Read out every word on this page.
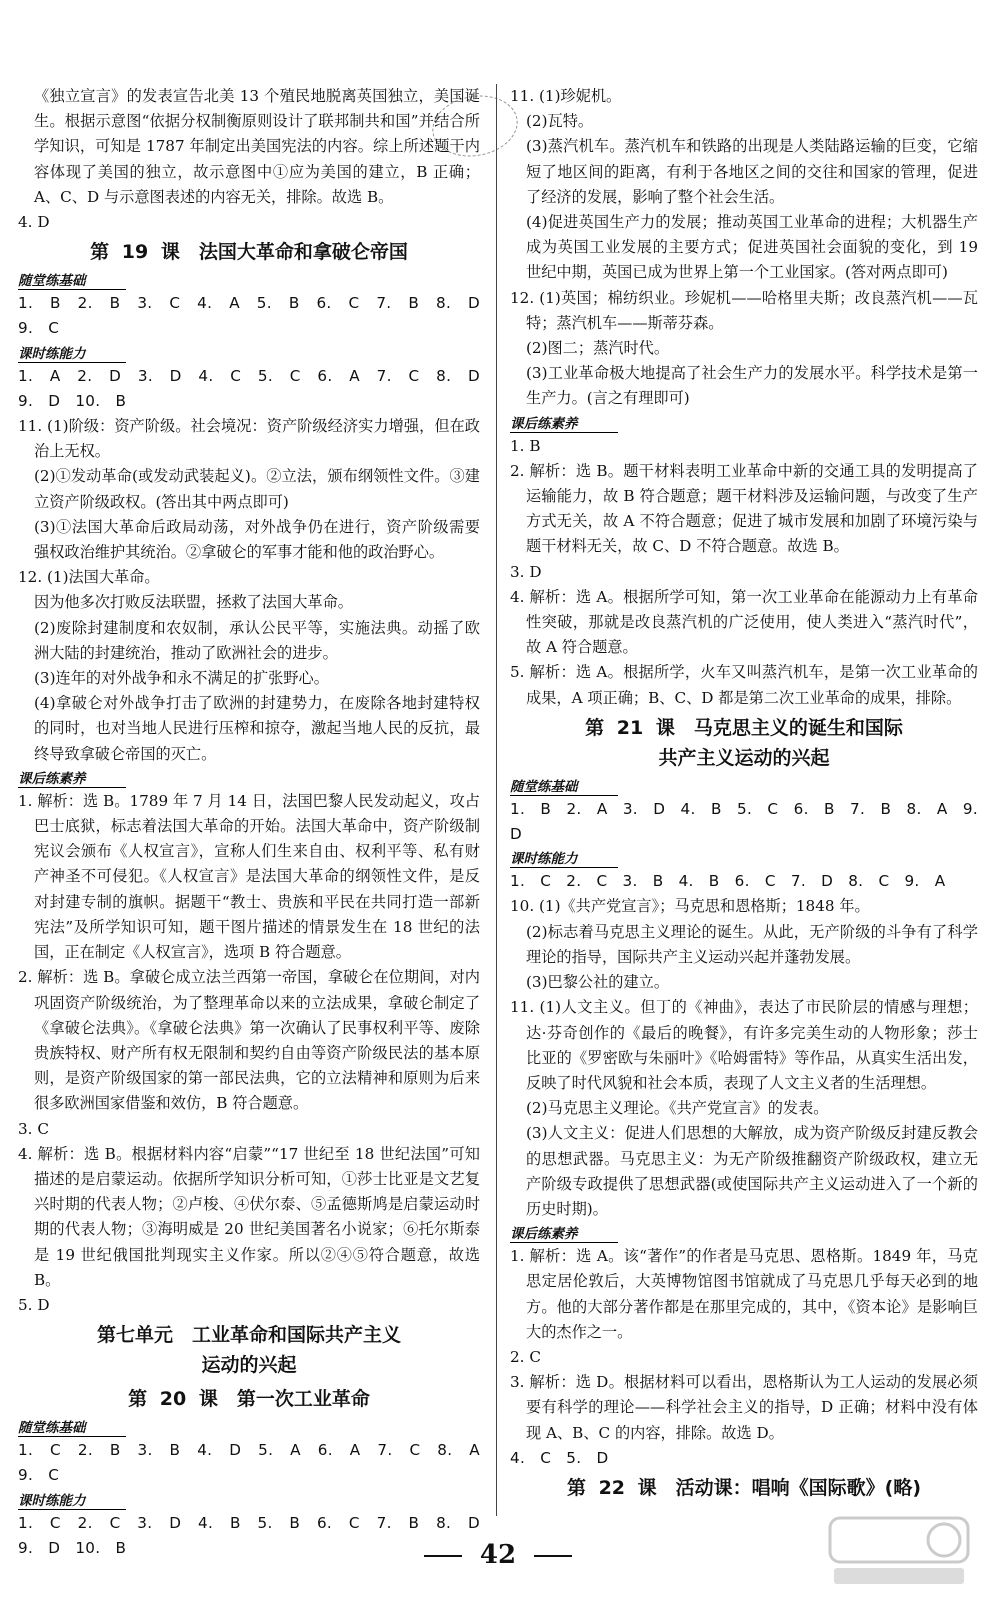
《独立宣言》的发表宣告北美 13 个殖民地脱离英国独立，美国诞生。根据示意图“依据分权制衡原则设计了联邦制共和国”并结合所学知识，可知是 1787 年制定出美国宪法的内容。综上所述题干内容体现了美国的独立，故示意图中①应为美国的建立，B 正确；A、C、D 与示意图表述的内容无关，排除。故选 B。

4. D

第 19 课　法国大革命和拿破仑帝国
随堂练基础

1. B 2. B 3. C 4. A 5. B 6. C 7. B 8. D 9. C

课时练能力

1. A 2. D 3. D 4. C 5. C 6. A 7. C 8. D 9. D 10. B

11. (1)阶级：资产阶级。社会境况：资产阶级经济实力增强，但在政治上无权。

(2)①发动革命(或发动武装起义)。②立法，颁布纲领性文件。③建立资产阶级政权。(答出其中两点即可)

(3)①法国大革命后政局动荡，对外战争仍在进行，资产阶级需要强权政治维护其统治。②拿破仑的军事才能和他的政治野心。

12. (1)法国大革命。

因为他多次打败反法联盟，拯救了法国大革命。

(2)废除封建制度和农奴制，承认公民平等，实施法典。动摇了欧洲大陆的封建统治，推动了欧洲社会的进步。

(3)连年的对外战争和永不满足的扩张野心。

(4)拿破仑对外战争打击了欧洲的封建势力，在废除各地封建特权的同时，也对当地人民进行压榨和掠夺，激起当地人民的反抗，最终导致拿破仑帝国的灭亡。

课后练素养

1. 解析：选 B。1789 年 7 月 14 日，法国巴黎人民发动起义，攻占巴士底狱，标志着法国大革命的开始。法国大革命中，资产阶级制宪议会颁布《人权宣言》，宣称人们生来自由、权利平等、私有财产神圣不可侵犯。《人权宣言》是法国大革命的纲领性文件，是反对封建专制的旗帜。据题干“教士、贵族和平民在共同打造一部新宪法”及所学知识可知，题干图片描述的情景发生在 18 世纪的法国，正在制定《人权宣言》，选项 B 符合题意。

2. 解析：选 B。拿破仑成立法兰西第一帝国，拿破仑在位期间，对内巩固资产阶级统治，为了整理革命以来的立法成果，拿破仑制定了《拿破仑法典》。《拿破仑法典》第一次确认了民事权利平等、废除贵族特权、财产所有权无限制和契约自由等资产阶级民法的基本原则，是资产阶级国家的第一部民法典，它的立法精神和原则为后来很多欧洲国家借鉴和效仿，B 符合题意。

3. C

4. 解析：选 B。根据材料内容“启蒙”“17 世纪至 18 世纪法国”可知描述的是启蒙运动。依据所学知识分析可知，①莎士比亚是文艺复兴时期的代表人物；②卢梭、④伏尔泰、⑤孟德斯鸠是启蒙运动时期的代表人物；③海明威是 20 世纪美国著名小说家；⑥托尔斯泰是 19 世纪俄国批判现实主义作家。所以②④⑤符合题意，故选 B。

5. D

第七单元　工业革命和国际共产主义
运动的兴起
第 20 课　第一次工业革命
随堂练基础

1. C 2. B 3. B 4. D 5. A 6. A 7. C 8. A 9. C

课时练能力

1. C 2. C 3. D 4. B 5. B 6. C 7. B 8. D 9. D 10. B

11. (1)珍妮机。

(2)瓦特。

(3)蒸汽机车。蒸汽机车和铁路的出现是人类陆路运输的巨变，它缩短了地区间的距离，有利于各地区之间的交往和国家的管理，促进了经济的发展，影响了整个社会生活。

(4)促进英国生产力的发展；推动英国工业革命的进程；大机器生产成为英国工业发展的主要方式；促进英国社会面貌的变化，到 19 世纪中期，英国已成为世界上第一个工业国家。(答对两点即可)

12. (1)英国；棉纺织业。珍妮机——哈格里夫斯；改良蒸汽机——瓦特；蒸汽机车——斯蒂芬森。

(2)图二；蒸汽时代。

(3)工业革命极大地提高了社会生产力的发展水平。科学技术是第一生产力。(言之有理即可)

课后练素养

1. B

2. 解析：选 B。题干材料表明工业革命中新的交通工具的发明提高了运输能力，故 B 符合题意；题干材料涉及运输问题，与改变了生产方式无关，故 A 不符合题意；促进了城市发展和加剧了环境污染与题干材料无关，故 C、D 不符合题意。故选 B。

3. D

4. 解析：选 A。根据所学可知，第一次工业革命在能源动力上有革命性突破，那就是改良蒸汽机的广泛使用，使人类进入“蒸汽时代”，故 A 符合题意。

5. 解析：选 A。根据所学，火车又叫蒸汽机车，是第一次工业革命的成果，A 项正确；B、C、D 都是第二次工业革命的成果，排除。

第 21 课　马克思主义的诞生和国际
共产主义运动的兴起
随堂练基础

1. B 2. A 3. D 4. B 5. C 6. B 7. B 8. A 9. D

课时练能力

1. C 2. C 3. B 4. B 6. C 7. D 8. C 9. A

10. (1)《共产党宣言》；马克思和恩格斯；1848 年。

(2)标志着马克思主义理论的诞生。从此，无产阶级的斗争有了科学理论的指导，国际共产主义运动兴起并蓬勃发展。

(3)巴黎公社的建立。

11. (1)人文主义。但丁的《神曲》，表达了市民阶层的情感与理想；达·芬奇创作的《最后的晚餐》，有许多完美生动的人物形象；莎士比亚的《罗密欧与朱丽叶》《哈姆雷特》等作品，从真实生活出发，反映了时代风貌和社会本质，表现了人文主义者的生活理想。

(2)马克思主义理论。《共产党宣言》的发表。

(3)人文主义：促进人们思想的大解放，成为资产阶级反封建反教会的思想武器。马克思主义：为无产阶级推翻资产阶级政权，建立无产阶级专政提供了思想武器(或使国际共产主义运动进入了一个新的历史时期)。

课后练素养

1. 解析：选 A。该“著作”的作者是马克思、恩格斯。1849 年，马克思定居伦敦后，大英博物馆图书馆就成了马克思几乎每天必到的地方。他的大部分著作都是在那里完成的，其中，《资本论》是影响巨大的杰作之一。

2. C

3. 解析：选 D。根据材料可以看出，恩格斯认为工人运动的发展必须要有科学的理论——科学社会主义的指导，D 正确；材料中没有体现 A、B、C 的内容，排除。故选 D。

4. C 5. D

第 22 课　活动课：唱响《国际歌》(略)
42
